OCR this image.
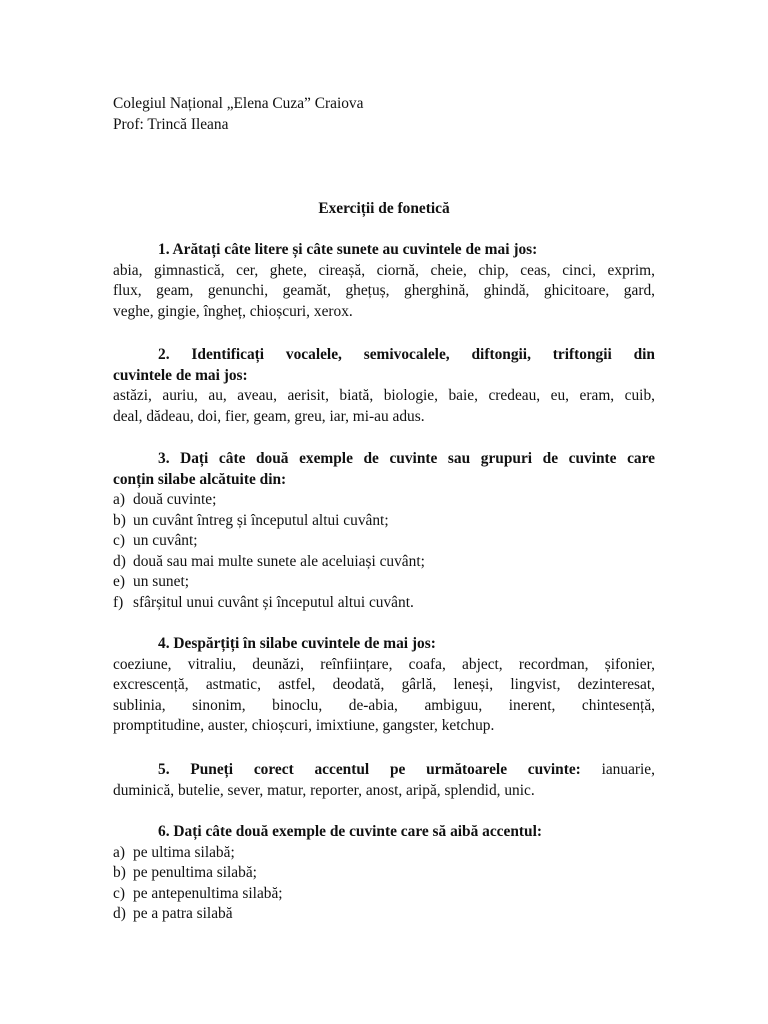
Colegiul Național „Elena Cuza” Craiova
Prof: Trincă Ileana
Exerciții de fonetică
1. Arătați câte litere și câte sunete au cuvintele de mai jos:
abia, gimnastică, cer, ghete, cireașă, ciornă, cheie, chip, ceas, cinci, exprim,
flux, geam, genunchi, geamăt, ghețuș, gherghină, ghindă, ghicitoare, gard,
veghe, gingie, îngheț, chioșcuri, xerox.
2. Identificați vocalele, semivocalele, diftongii, triftongii din
cuvintele de mai jos:
astăzi, auriu, au, aveau, aerisit, biată, biologie, baie, credeau, eu, eram, cuib,
deal, dădeau, doi, fier, geam, greu, iar, mi-au adus.
3. Dați câte două exemple de cuvinte sau grupuri de cuvinte care
conțin silabe alcătuite din:
a) două cuvinte;
b) un cuvânt întreg și începutul altui cuvânt;
c) un cuvânt;
d) două sau mai multe sunete ale aceluiași cuvânt;
e) un sunet;
f) sfârșitul unui cuvânt și începutul altui cuvânt.
4. Despărțiți în silabe cuvintele de mai jos:
coeziune, vitraliu, deunăzi, reînființare, coafa, abject, recordman, șifonier,
excrescență, astmatic, astfel, deodată, gârlă, leneși, lingvist, dezinteresat,
sublinia, sinonim, binoclu, de-abia, ambiguu, inerent, chintesență,
promptitudine, auster, chioșcuri, imixtiune, gangster, ketchup.
5. Puneți corect accentul pe următoarele cuvinte: ianuarie,
duminică, butelie, sever, matur, reporter, anost, aripă, splendid, unic.
6. Dați câte două exemple de cuvinte care să aibă accentul:
a) pe ultima silabă;
b) pe penultima silabă;
c) pe antepenultima silabă;
d) pe a patra silabă
